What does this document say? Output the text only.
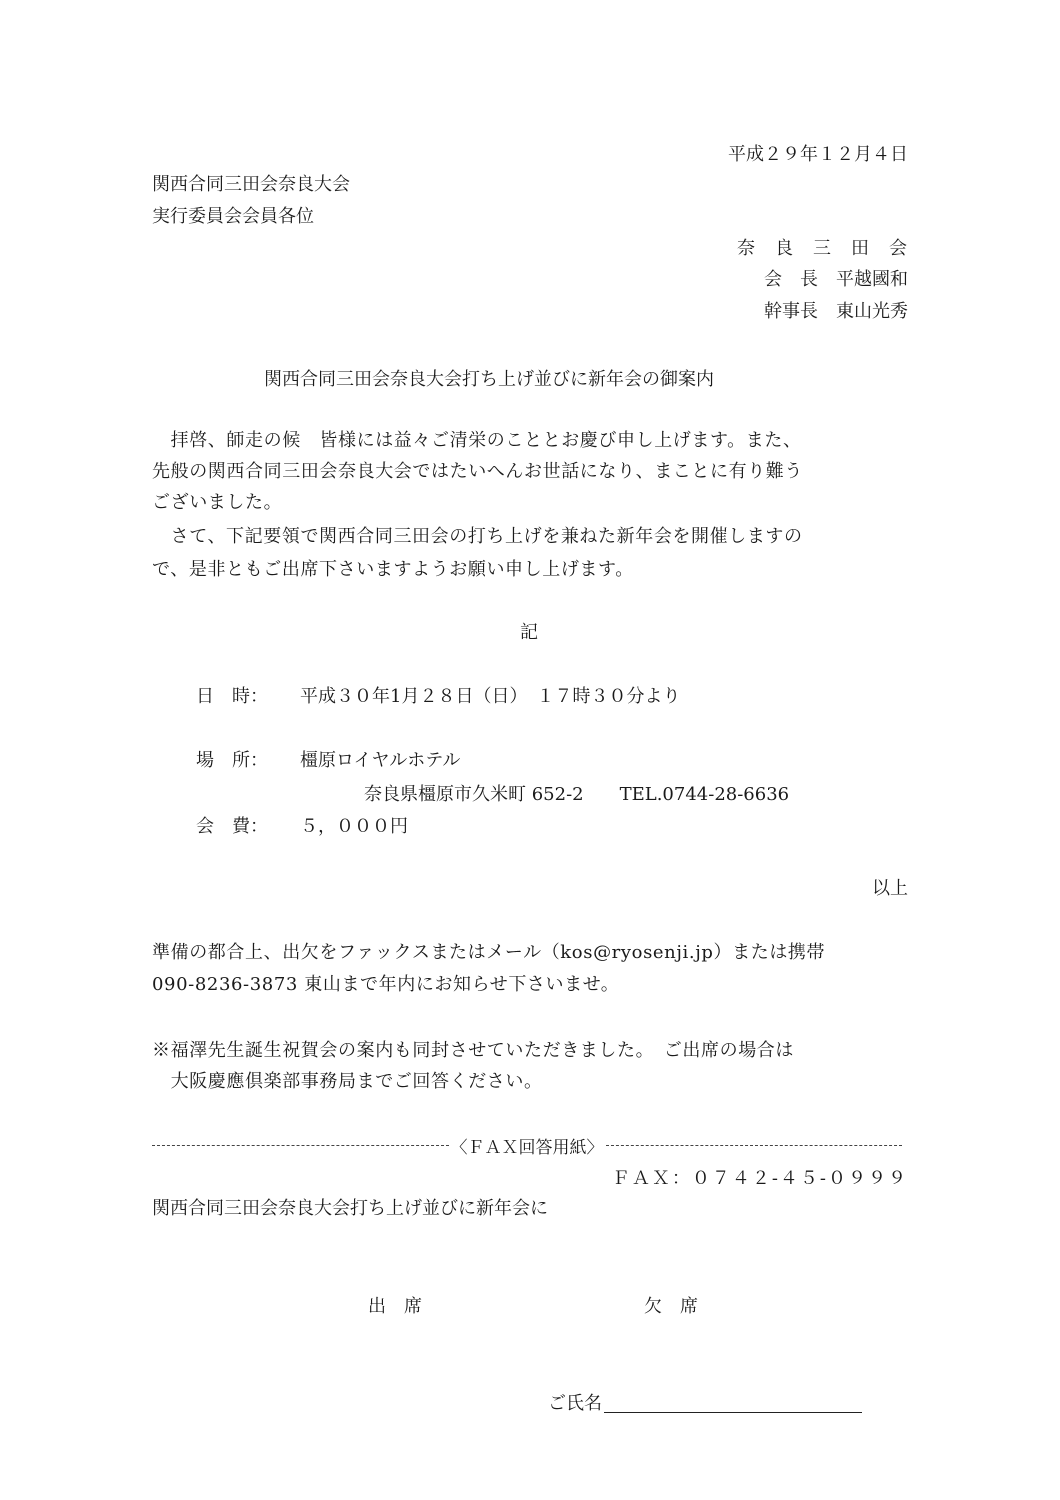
平成２９年１２月４日
関西合同三田会奈良大会
実行委員会会員各位
奈　良　三　田　会
会　長　平越國和
幹事長　東山光秀
関西合同三田会奈良大会打ち上げ並びに新年会の御案内
　拝啓、師走の候　皆様には益々ご清栄のこととお慶び申し上げます。また、
先般の関西合同三田会奈良大会ではたいへんお世話になり、まことに有り難う
ございました。
　さて、下記要領で関西合同三田会の打ち上げを兼ねた新年会を開催しますの
で、是非ともご出席下さいますようお願い申し上げます。
記
日　時： 平成３０年1月２８日（日）　１７時３０分より
場　所： 橿原ロイヤルホテル
奈良県橿原市久米町 652-2　　TEL.0744-28-6636
会　費： ５，０００円
以上
準備の都合上、出欠をファックスまたはメール（kos@ryosenji.jp）または携帯
090-8236-3873 東山まで年内にお知らせ下さいませ。
※福澤先生誕生祝賀会の案内も同封させていただきました。　ご出席の場合は
　大阪慶應倶楽部事務局までご回答ください。
〈ＦＡＸ回答用紙〉
ＦＡＸ：０７４２-４５-０９９９
関西合同三田会奈良大会打ち上げ並びに新年会に
出　席	欠　席
ご氏名
